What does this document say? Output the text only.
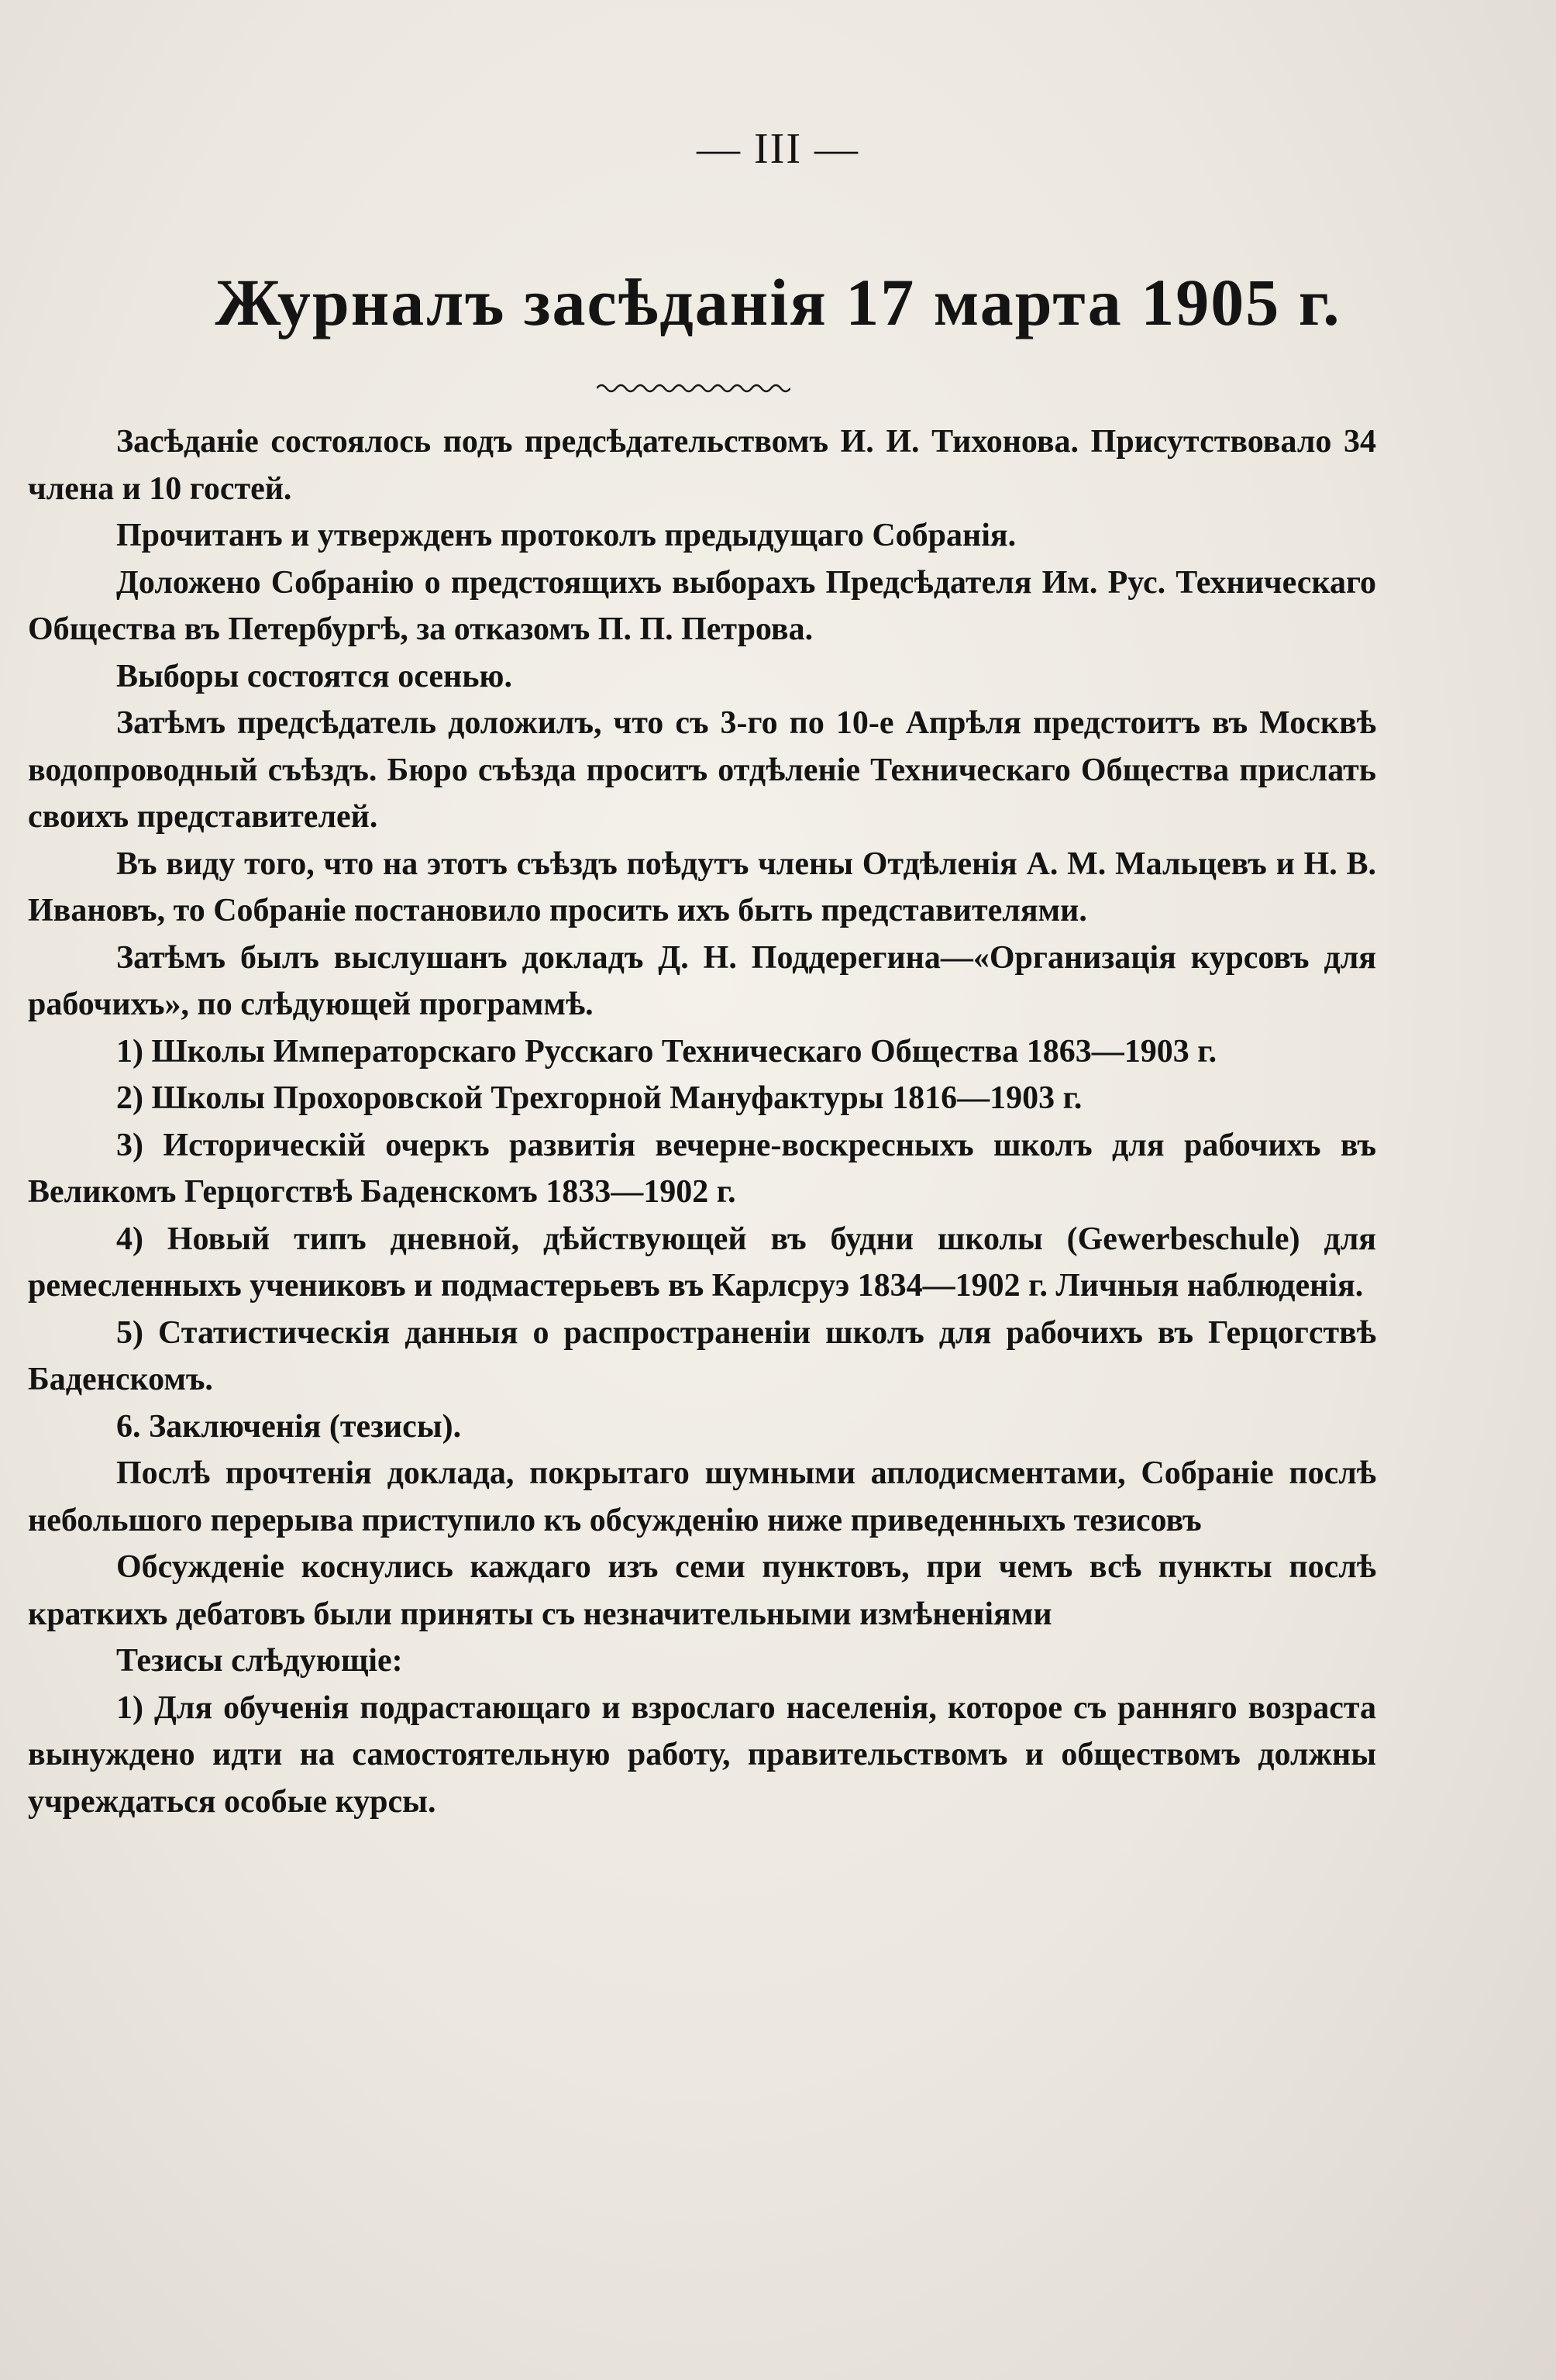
— III —
Журналъ засѣданія 17 марта 1905 г.

Засѣданіе состоялось подъ предсѣдательствомъ И. И. Тихонова. Присутствовало 34 члена и 10 гостей.

Прочитанъ и утвержденъ протоколъ предыдущаго Собранія.

Доложено Собранію о предстоящихъ выборахъ Предсѣдателя Им. Рус. Техническаго Общества въ Петербургѣ, за отказомъ П. П. Петрова.

Выборы состоятся осенью.

Затѣмъ предсѣдатель доложилъ, что съ 3-го по 10-е Апрѣля предстоитъ въ Москвѣ водопроводный съѣздъ. Бюро съѣзда проситъ отдѣленіе Техническаго Общества прислать своихъ представителей.

Въ виду того, что на этотъ съѣздъ поѣдутъ члены Отдѣленія А. М. Мальцевъ и Н. В. Ивановъ, то Собраніе постановило просить ихъ быть представителями.

Затѣмъ былъ выслушанъ докладъ Д. Н. Поддерегина—«Организація курсовъ для рабочихъ», по слѣдующей программѣ.

1) Школы Императорскаго Русскаго Техническаго Общества 1863—1903 г.

2) Школы Прохоровской Трехгорной Мануфактуры 1816—1903 г.

3) Историческій очеркъ развитія вечерне-воскресныхъ школъ для рабочихъ въ Великомъ Герцогствѣ Баденскомъ 1833—1902 г.

4) Новый типъ дневной, дѣйствующей въ будни школы (Gewerbeschule) для ремесленныхъ учениковъ и подмастерьевъ въ Карлсруэ 1834—1902 г. Личныя наблюденія.

5) Статистическія данныя о распространеніи школъ для рабочихъ въ Герцогствѣ Баденскомъ.

6. Заключенія (тезисы).

Послѣ прочтенія доклада, покрытаго шумными аплодисментами, Собраніе послѣ небольшого перерыва приступило къ обсужденію ниже приведенныхъ тезисовъ

Обсужденіе коснулись каждаго изъ семи пунктовъ, при чемъ всѣ пункты послѣ краткихъ дебатовъ были приняты съ незначительными измѣненіями

Тезисы слѣдующіе:

1) Для обученія подрастающаго и взрослаго населенія, которое съ ранняго возраста вынуждено идти на самостоятельную работу, правительствомъ и обществомъ должны учреждаться особые курсы.
